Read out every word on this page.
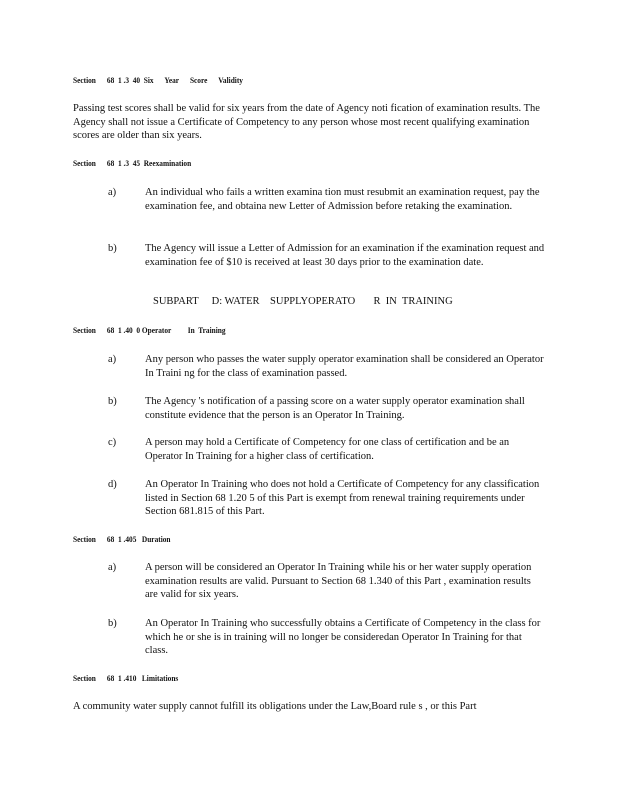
Section      68  1 .3  40  Six      Year      Score      Validity
Passing test scores shall be valid for six years from the date of Agency noti fication of examination results. The Agency shall not issue a Certificate of Competency to any person whose most recent qualifying examination scores are older than six years.
Section      68  1 .3  45  Reexamination
a)	An individual who fails a written examina tion must resubmit an examination request, pay the examination fee, and obtaina new Letter of Admission before retaking the examination.
b)	The Agency will issue a Letter of Admission for an examination if the examination request and examination fee of $10 is received at least 30 days prior to the examination date.
SUBPART     D: WATER    SUPPLYOPERATO       R  IN  TRAINING
Section      68  1 .40  0 Operator         In  Training
a)	Any person who passes the water supply operator examination shall be considered an Operator In Traini ng for the class of examination passed.
b)	The Agency 's notification of a passing score on a water supply operator examination shall constitute evidence that the person is an Operator In Training.
c)	A person may hold a Certificate of Competency for one class of certification and be an Operator In Training for a higher class of certification.
d)	An Operator In Training who does not hold a Certificate of Competency for any classification listed in Section 68 1.20 5 of this Part is exempt from renewal training requirements under Section 681.815 of this Part.
Section      68  1 .405   Duration
a)	A person will be considered an Operator In Training while his or her water supply operation examination results are valid. Pursuant to Section 68 1.340 of this Part , examination results are valid for six years.
b)	An Operator In Training who successfully obtains a Certificate of Competency in the class for which he or she is in training will no longer be consideredan Operator In Training for that class.
Section      68  1 .410   Limitations
A community water supply cannot fulfill its obligations under the Law,Board rule s , or this Part
